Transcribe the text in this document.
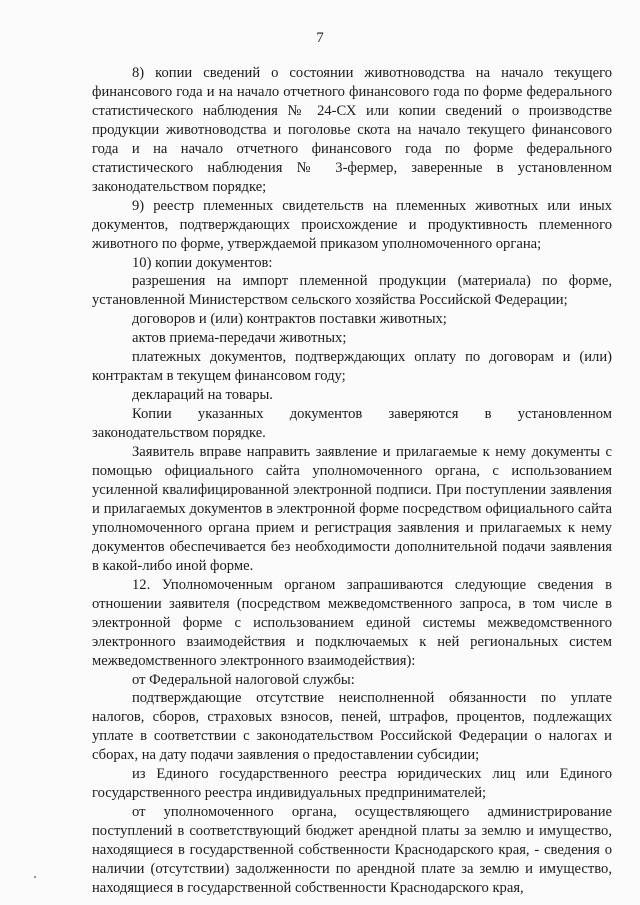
7

8) копии сведений о состоянии животноводства на начало текущего финансового года и на начало отчетного финансового года по форме федерального статистического наблюдения № 24-СХ или копии сведений о производстве продукции животноводства и поголовье скота на начало текущего финансового года и на начало отчетного финансового года по форме федерального статистического наблюдения № 3-фермер, заверенные в установленном законодательством порядке;

9) реестр племенных свидетельств на племенных животных или иных документов, подтверждающих происхождение и продуктивность племенного животного по форме, утверждаемой приказом уполномоченного органа;

10) копии документов:

разрешения на импорт племенной продукции (материала) по форме, установленной Министерством сельского хозяйства Российской Федерации;

договоров и (или) контрактов поставки животных;

актов приема-передачи животных;

платежных документов, подтверждающих оплату по договорам и (или) контрактам в текущем финансовом году;

деклараций на товары.

Копии указанных документов заверяются в установленном законодательством порядке.

Заявитель вправе направить заявление и прилагаемые к нему документы с помощью официального сайта уполномоченного органа, с использованием усиленной квалифицированной электронной подписи. При поступлении заявления и прилагаемых документов в электронной форме посредством официального сайта уполномоченного органа прием и регистрация заявления и прилагаемых к нему документов обеспечивается без необходимости дополнительной подачи заявления в какой-либо иной форме.

12. Уполномоченным органом запрашиваются следующие сведения в отношении заявителя (посредством межведомственного запроса, в том числе в электронной форме с использованием единой системы межведомственного электронного взаимодействия и подключаемых к ней региональных систем межведомственного электронного взаимодействия):

от Федеральной налоговой службы:

подтверждающие отсутствие неисполненной обязанности по уплате налогов, сборов, страховых взносов, пеней, штрафов, процентов, подлежащих уплате в соответствии с законодательством Российской Федерации о налогах и сборах, на дату подачи заявления о предоставлении субсидии;

из Единого государственного реестра юридических лиц или Единого государственного реестра индивидуальных предпринимателей;

от уполномоченного органа, осуществляющего администрирование поступлений в соответствующий бюджет арендной платы за землю и имущество, находящиеся в государственной собственности Краснодарского края, - сведения о наличии (отсутствии) задолженности по арендной плате за землю и имущество, находящиеся в государственной собственности Краснодарского края,
